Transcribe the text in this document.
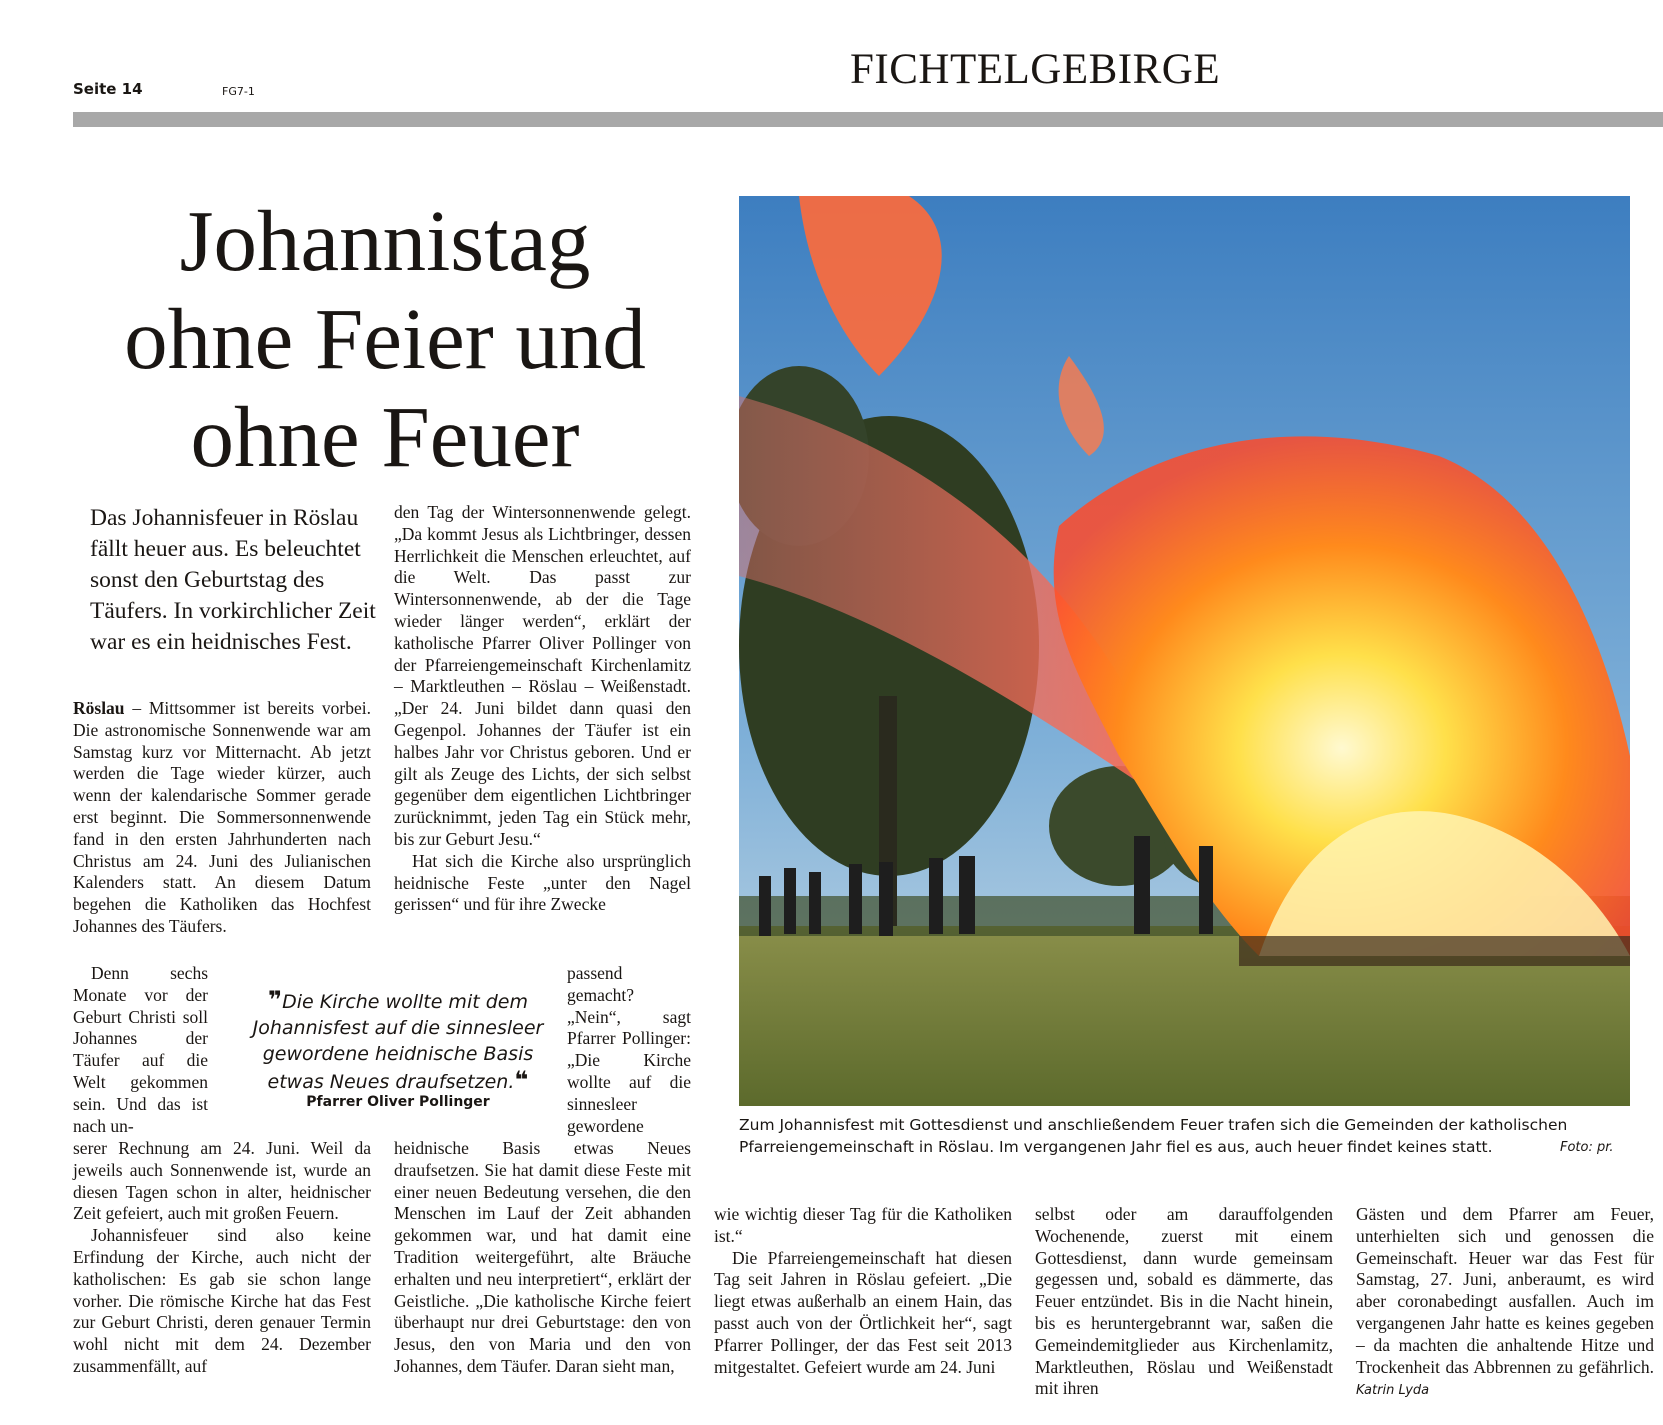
Seite 14	FG7-1	FICHTELGEBIRGE
Johannistag ohne Feier und ohne Feuer
Das Johannisfeuer in Röslau fällt heuer aus. Es beleuchtet sonst den Geburtstag des Täufers. In vorkirchlicher Zeit war es ein heidnisches Fest.

Röslau – Mittsommer ist bereits vorbei. Die astronomische Sonnenwende war am Samstag kurz vor Mitternacht. Ab jetzt werden die Tage wieder kürzer, auch wenn der kalendarische Sommer gerade erst beginnt. Die Sommersonnenwende fand in den ersten Jahrhunderten nach Christus am 24. Juni des Julianischen Kalenders statt. An diesem Datum begehen die Katholiken das Hochfest Johannes des Täufers.

Denn sechs Monate vor der Geburt Christi soll Johannes der Täufer auf die Welt gekommen sein. Und das ist nach un-

serer Rechnung am 24. Juni. Weil da jeweils auch Sonnenwende ist, wurde an diesen Tagen schon in alter, heidnischer Zeit gefeiert, auch mit großen Feuern.

Johannisfeuer sind also keine Erfindung der Kirche, auch nicht der katholischen: Es gab sie schon lange vorher. Die römische Kirche hat das Fest zur Geburt Christi, deren genauer Termin wohl nicht mit dem 24. Dezember zusammenfällt, auf

den Tag der Wintersonnenwende gelegt. „Da kommt Jesus als Lichtbringer, dessen Herrlichkeit die Menschen erleuchtet, auf die Welt. Das passt zur Wintersonnenwende, ab der die Tage wieder länger werden“, erklärt der katholische Pfarrer Oliver Pollinger von der Pfarreiengemeinschaft Kirchenlamitz – Marktleuthen – Röslau – Weißenstadt. „Der 24. Juni bildet dann quasi den Gegenpol. Johannes der Täufer ist ein halbes Jahr vor Christus geboren. Und er gilt als Zeuge des Lichts, der sich selbst gegenüber dem eigentlichen Lichtbringer zurücknimmt, jeden Tag ein Stück mehr, bis zur Geburt Jesu.“

Hat sich die Kirche also ursprünglich heidnische Feste „unter den Nagel gerissen“ und für ihre Zwecke

passend gemacht? „Nein“, sagt Pfarrer Pollinger: „Die Kirche wollte auf die sinnesleer gewordene

heidnische Basis etwas Neues draufsetzen. Sie hat damit diese Feste mit einer neuen Bedeutung versehen, die den Menschen im Lauf der Zeit abhanden gekommen war, und hat damit eine Tradition weitergeführt, alte Bräuche erhalten und neu interpretiert“, erklärt der Geistliche. „Die katholische Kirche feiert überhaupt nur drei Geburtstage: den von Jesus, den von Maria und den von Johannes, dem Täufer. Daran sieht man,

❞Die Kirche wollte mit dem Johannisfest auf die sinnesleer gewordene heidnische Basis etwas Neues draufsetzen.❝
Pfarrer Oliver Pollinger

wie wichtig dieser Tag für die Katholiken ist.“

Die Pfarreiengemeinschaft hat diesen Tag seit Jahren in Röslau gefeiert. „Die liegt etwas außerhalb an einem Hain, das passt auch von der Örtlichkeit her“, sagt Pfarrer Pollinger, der das Fest seit 2013 mitgestaltet. Gefeiert wurde am 24. Juni

selbst oder am darauffolgenden Wochenende, zuerst mit einem Gottesdienst, dann wurde gemeinsam gegessen und, sobald es dämmerte, das Feuer entzündet. Bis in die Nacht hinein, bis es heruntergebrannt war, saßen die Gemeindemitglieder aus Kirchenlamitz, Marktleuthen, Röslau und Weißenstadt mit ihren

Gästen und dem Pfarrer am Feuer, unterhielten sich und genossen die Gemeinschaft. Heuer war das Fest für Samstag, 27. Juni, anberaumt, es wird aber coronabedingt ausfallen. Auch im vergangenen Jahr hatte es keines gegeben – da machten die anhaltende Hitze und Trockenheit das Abbrennen zu gefährlich. Katrin Lyda

Zum Johannisfest mit Gottesdienst und anschließendem Feuer trafen sich die Gemeinden der katholischen Pfarreiengemeinschaft in Röslau. Im vergangenen Jahr fiel es aus, auch heuer findet keines statt.	Foto: pr.
